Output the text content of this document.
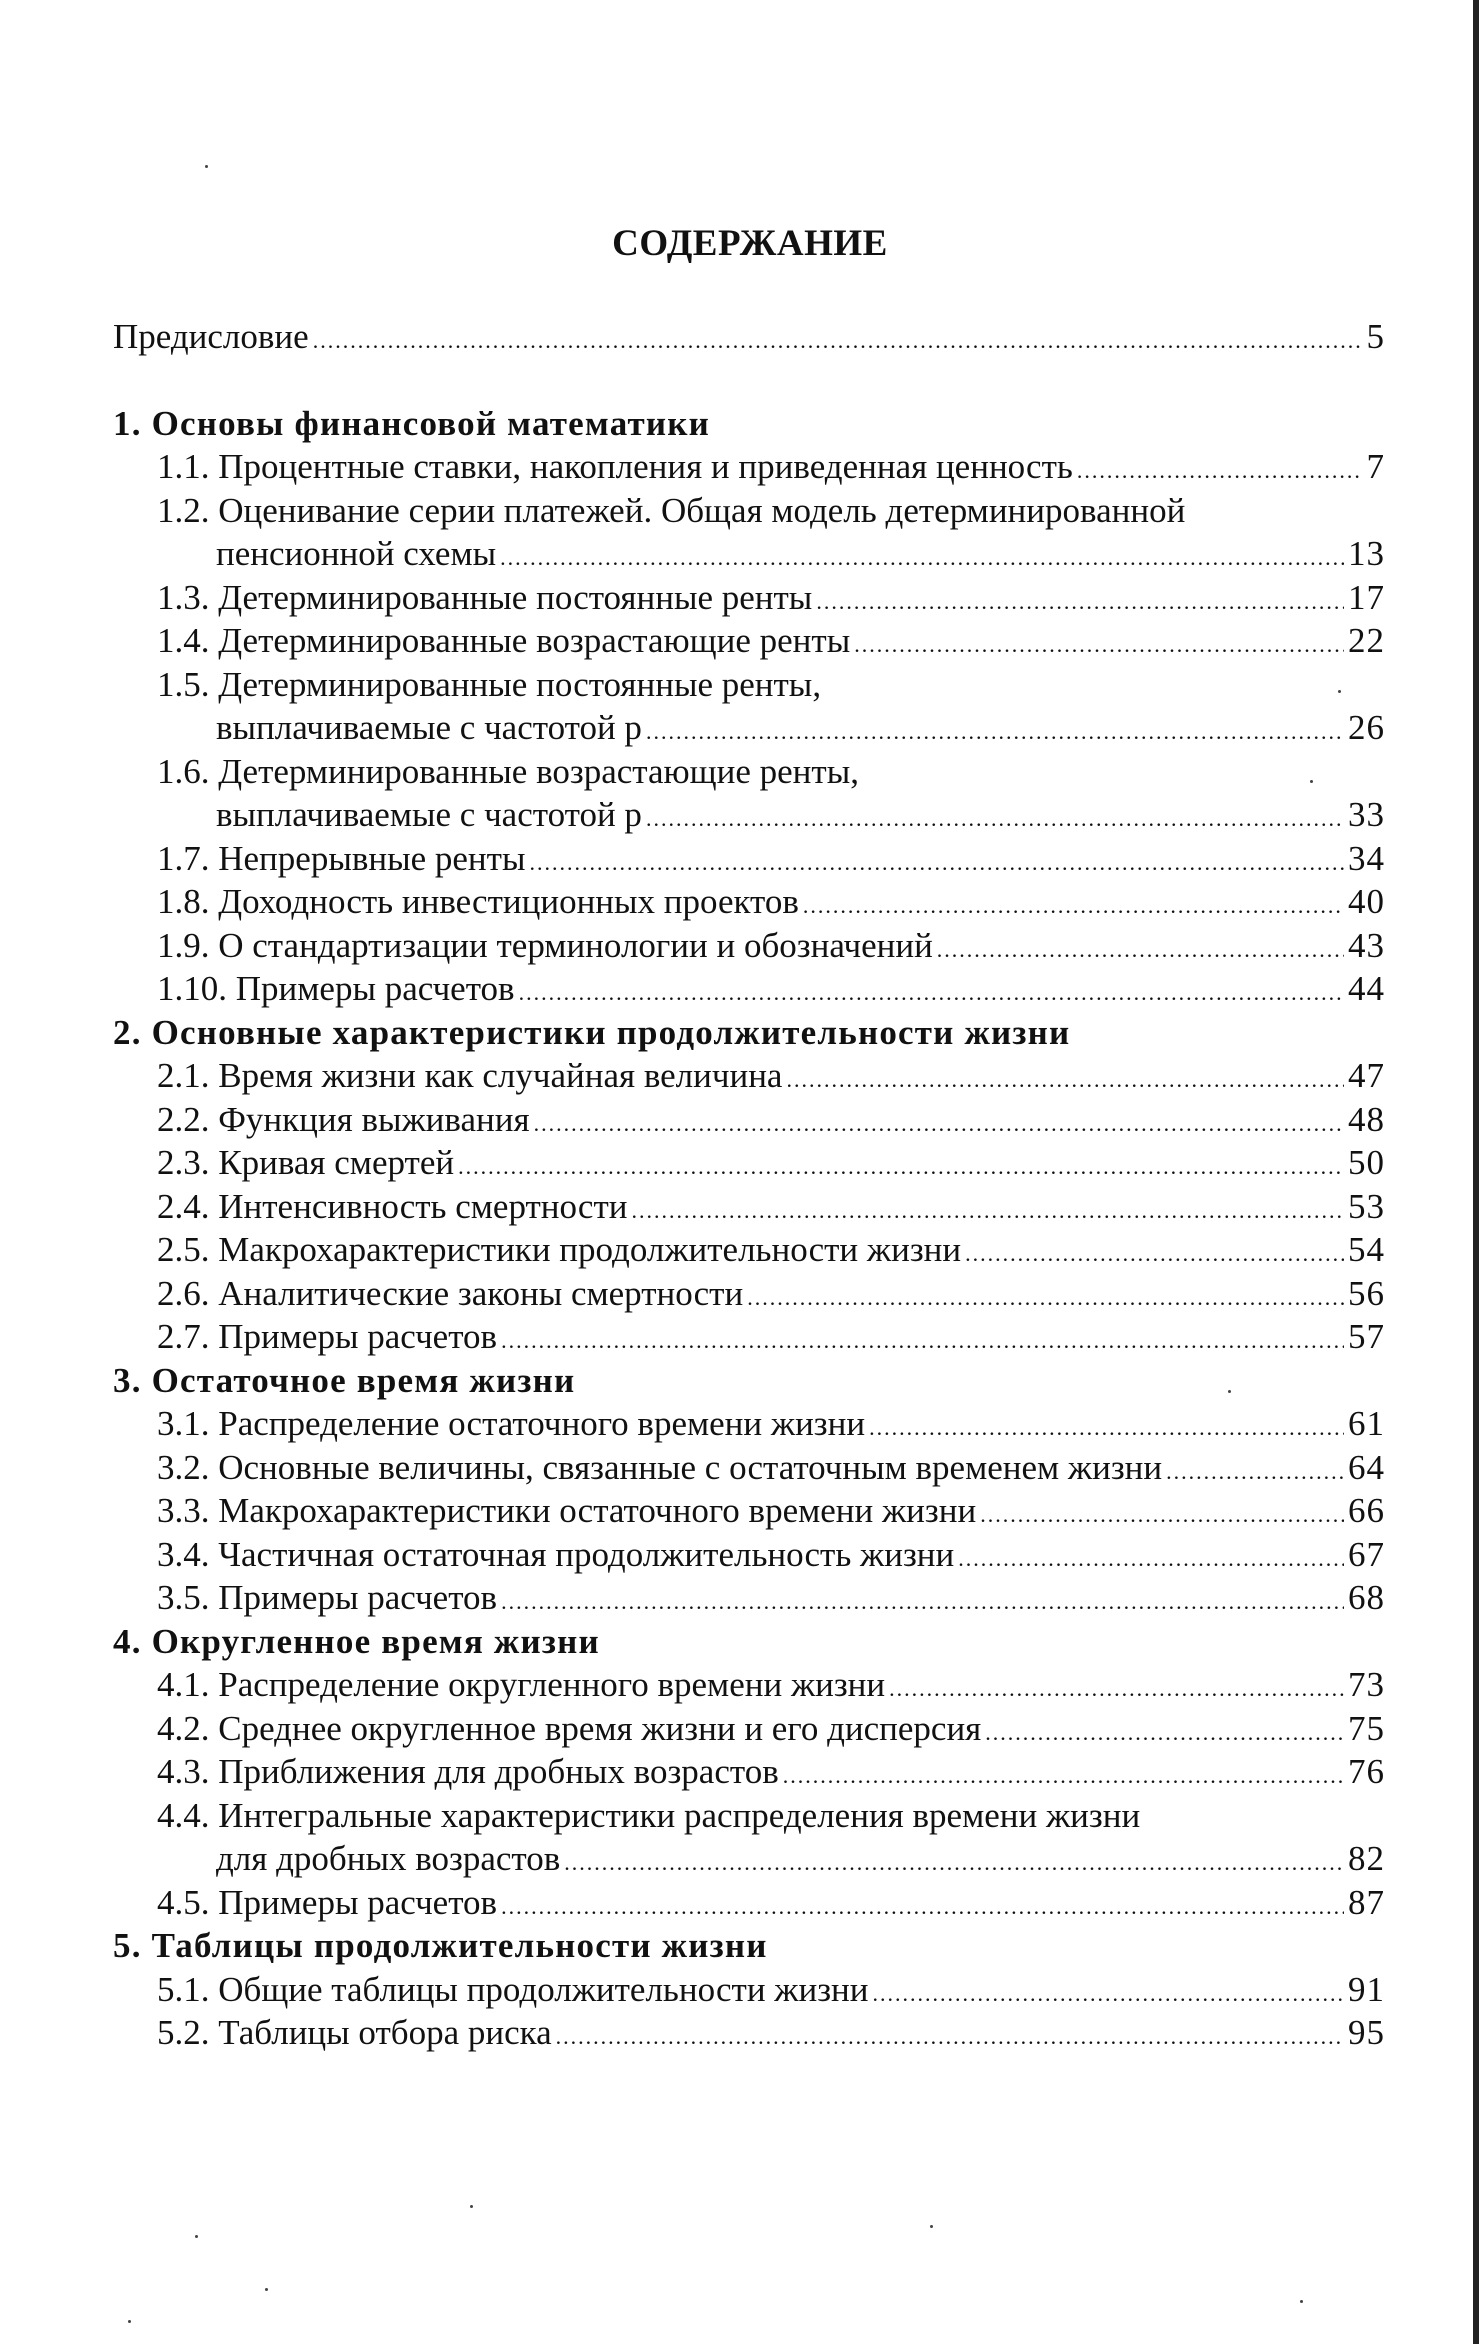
СОДЕРЖАНИЕ
Предисловие .....	5
1. Основы финансовой математики
1.1. Процентные ставки, накопления и приведенная ценность .....	7
1.2. Оценивание серии платежей. Общая модель детерминированной
пенсионной схемы .....	13
1.3. Детерминированные постоянные ренты .....	17
1.4. Детерминированные возрастающие ренты .....	22
1.5. Детерминированные постоянные ренты,
выплачиваемые с частотой p .....	26
1.6. Детерминированные возрастающие ренты,
выплачиваемые с частотой p .....	33
1.7. Непрерывные ренты .....	34
1.8. Доходность инвестиционных проектов .....	40
1.9. О стандартизации терминологии и обозначений .....	43
1.10. Примеры расчетов .....	44
2. Основные характеристики продолжительности жизни
2.1. Время жизни как случайная величина .....	47
2.2. Функция выживания .....	48
2.3. Кривая смертей .....	50
2.4. Интенсивность смертности .....	53
2.5. Макрохарактеристики продолжительности жизни .....	54
2.6. Аналитические законы смертности .....	56
2.7. Примеры расчетов .....	57
3. Остаточное время жизни
3.1. Распределение остаточного времени жизни .....	61
3.2. Основные величины, связанные с остаточным временем жизни .....	64
3.3. Макрохарактеристики остаточного времени жизни .....	66
3.4. Частичная остаточная продолжительность жизни .....	67
3.5. Примеры расчетов .....	68
4. Округленное время жизни
4.1. Распределение округленного времени жизни .....	73
4.2. Среднее округленное время жизни и его дисперсия .....	75
4.3. Приближения для дробных возрастов .....	76
4.4. Интегральные характеристики распределения времени жизни
для дробных возрастов .....	82
4.5. Примеры расчетов .....	87
5. Таблицы продолжительности жизни
5.1. Общие таблицы продолжительности жизни .....	91
5.2. Таблицы отбора риска .....	95
